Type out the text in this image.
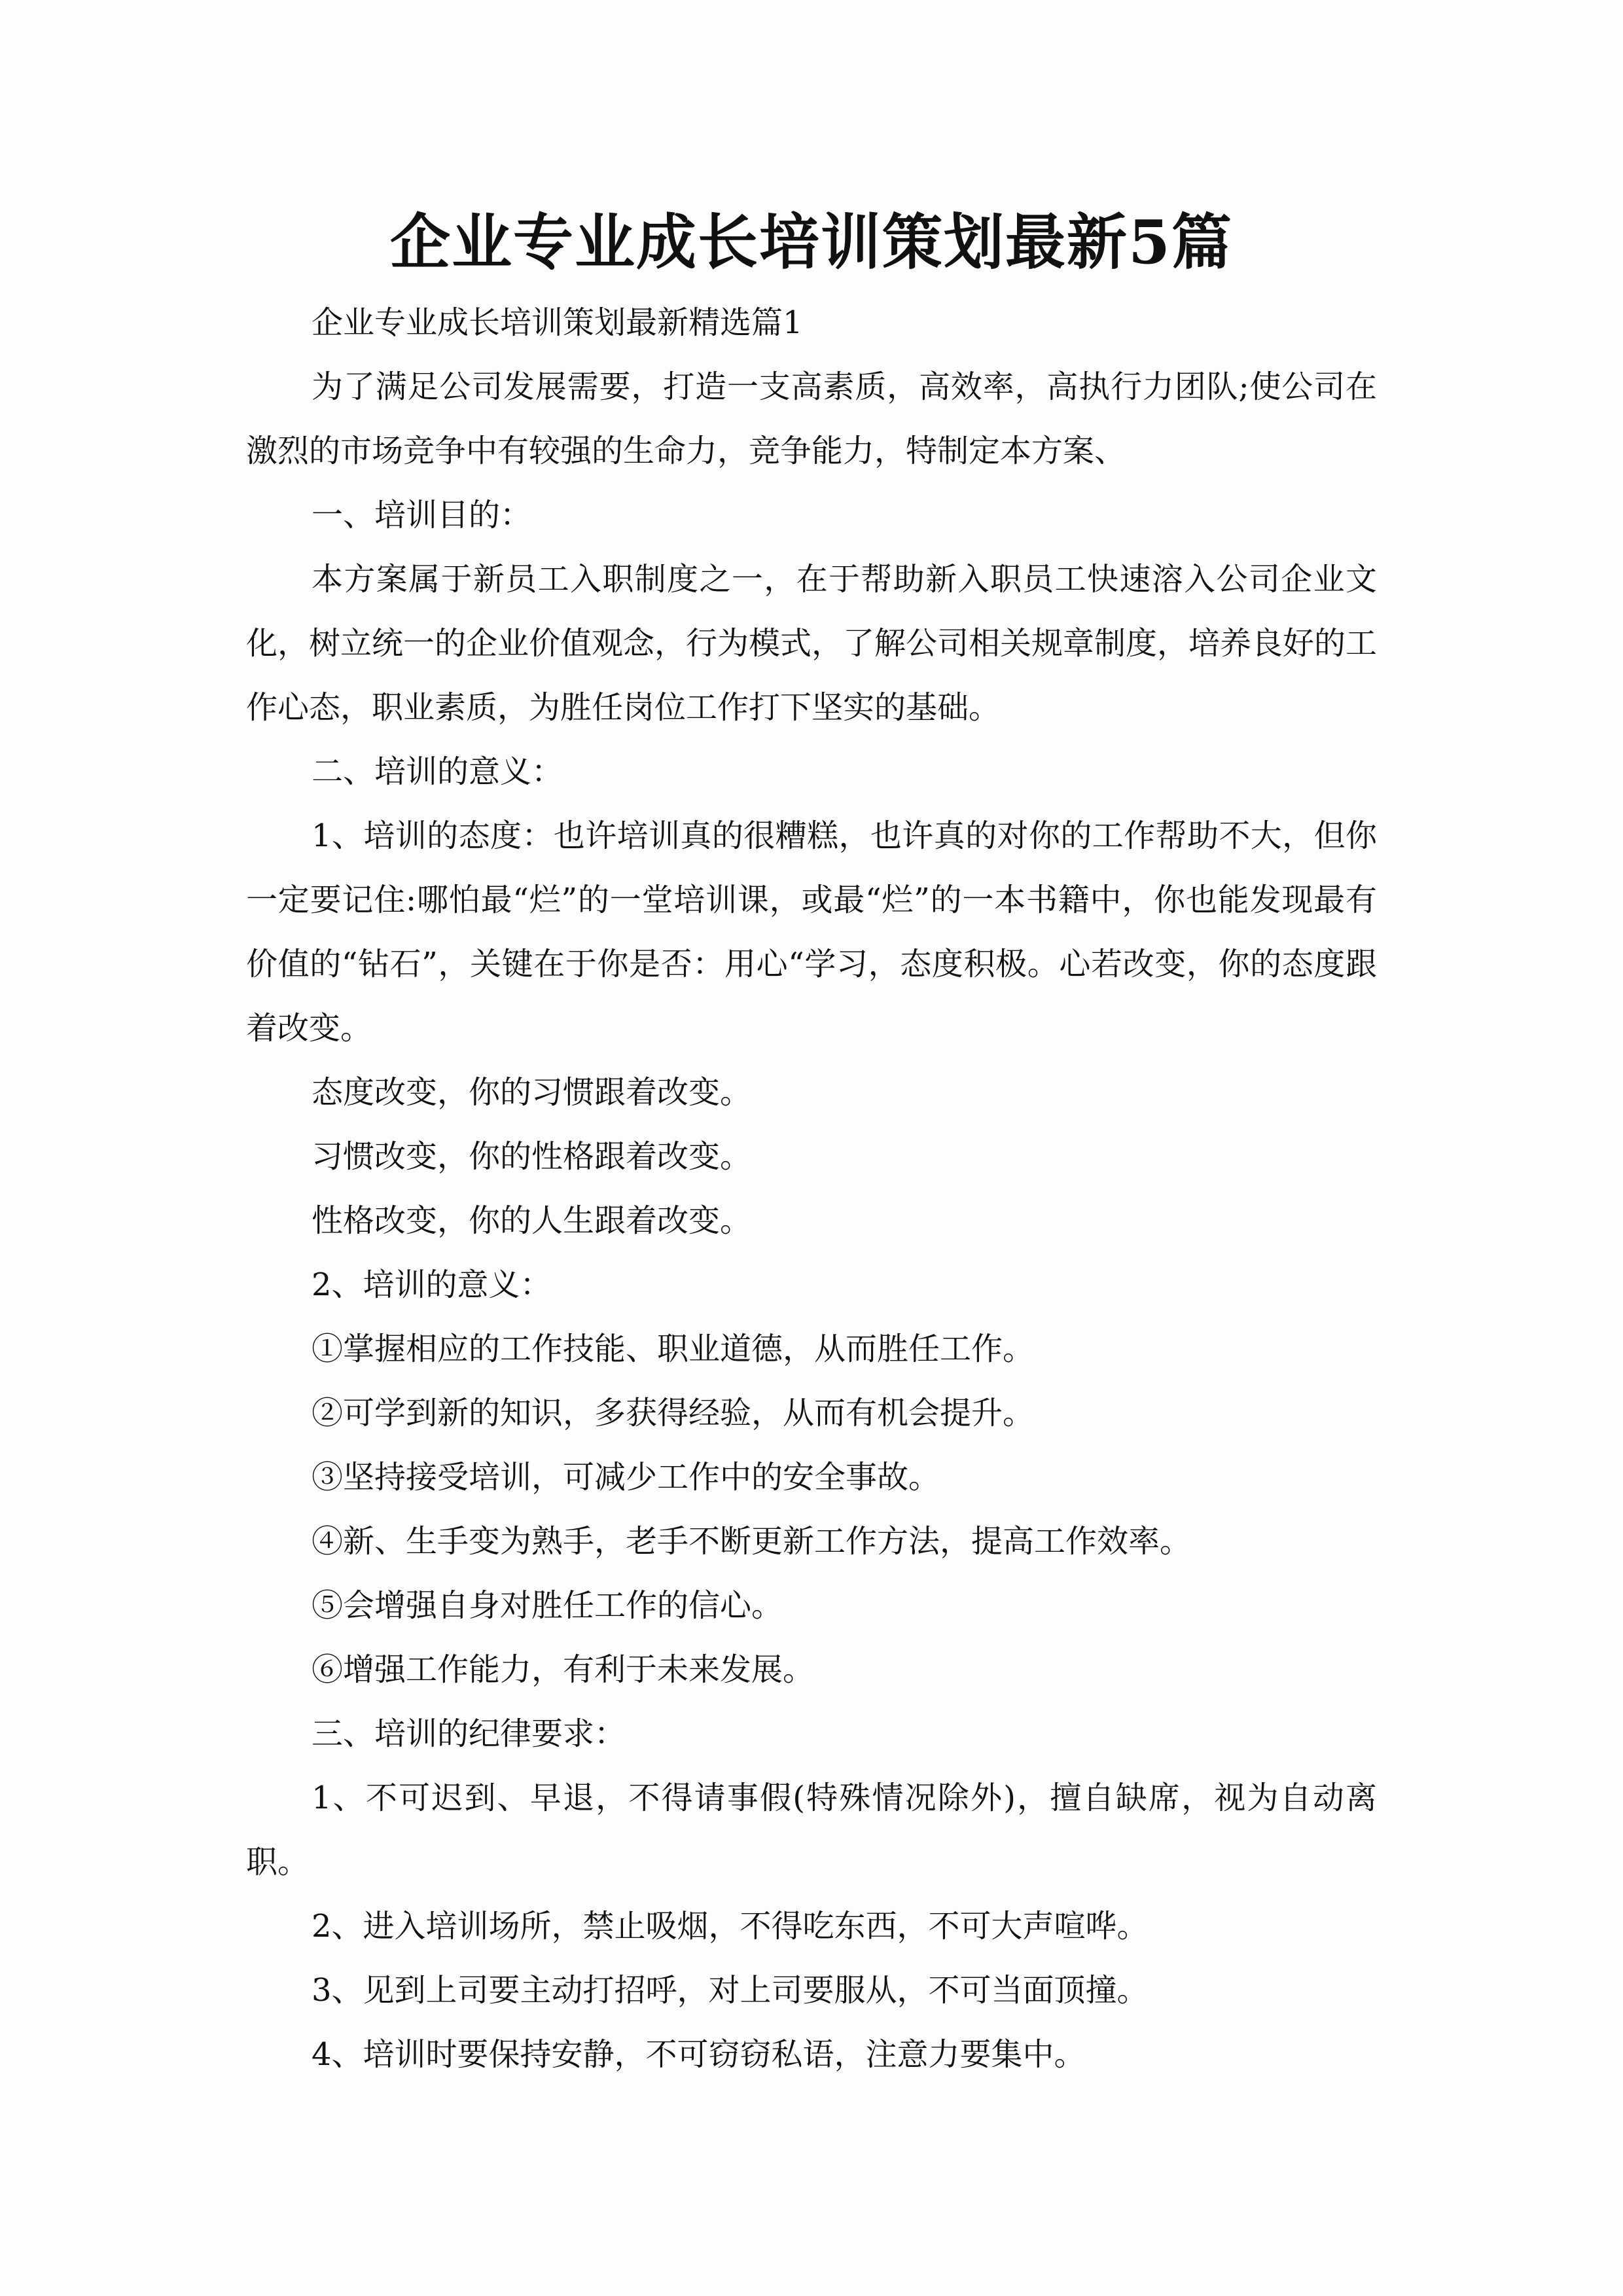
企业专业成长培训策划最新5篇

企业专业成长培训策划最新精选篇1

为了满足公司发展需要，打造一支高素质，高效率，高执行力团队;使公司在激烈的市场竞争中有较强的生命力，竞争能力，特制定本方案、

一、培训目的：

本方案属于新员工入职制度之一，在于帮助新入职员工快速溶入公司企业文化，树立统一的企业价值观念，行为模式，了解公司相关规章制度，培养良好的工作心态，职业素质，为胜任岗位工作打下坚实的基础。

二、培训的意义：

1、培训的态度：也许培训真的很糟糕，也许真的对你的工作帮助不大，但你一定要记住:哪怕最“烂”的一堂培训课，或最“烂”的一本书籍中，你也能发现最有价值的“钻石”，关键在于你是否：用心“学习，态度积极。心若改变，你的态度跟着改变。

态度改变，你的习惯跟着改变。

习惯改变，你的性格跟着改变。

性格改变，你的人生跟着改变。

2、培训的意义：

①掌握相应的工作技能、职业道德，从而胜任工作。

②可学到新的知识，多获得经验，从而有机会提升。

③坚持接受培训，可减少工作中的安全事故。

④新、生手变为熟手，老手不断更新工作方法，提高工作效率。

⑤会增强自身对胜任工作的信心。

⑥增强工作能力，有利于未来发展。

三、培训的纪律要求：

1、不可迟到、早退，不得请事假(特殊情况除外)，擅自缺席，视为自动离职。

2、进入培训场所，禁止吸烟，不得吃东西，不可大声喧哗。

3、见到上司要主动打招呼，对上司要服从，不可当面顶撞。

4、培训时要保持安静，不可窃窃私语，注意力要集中。
